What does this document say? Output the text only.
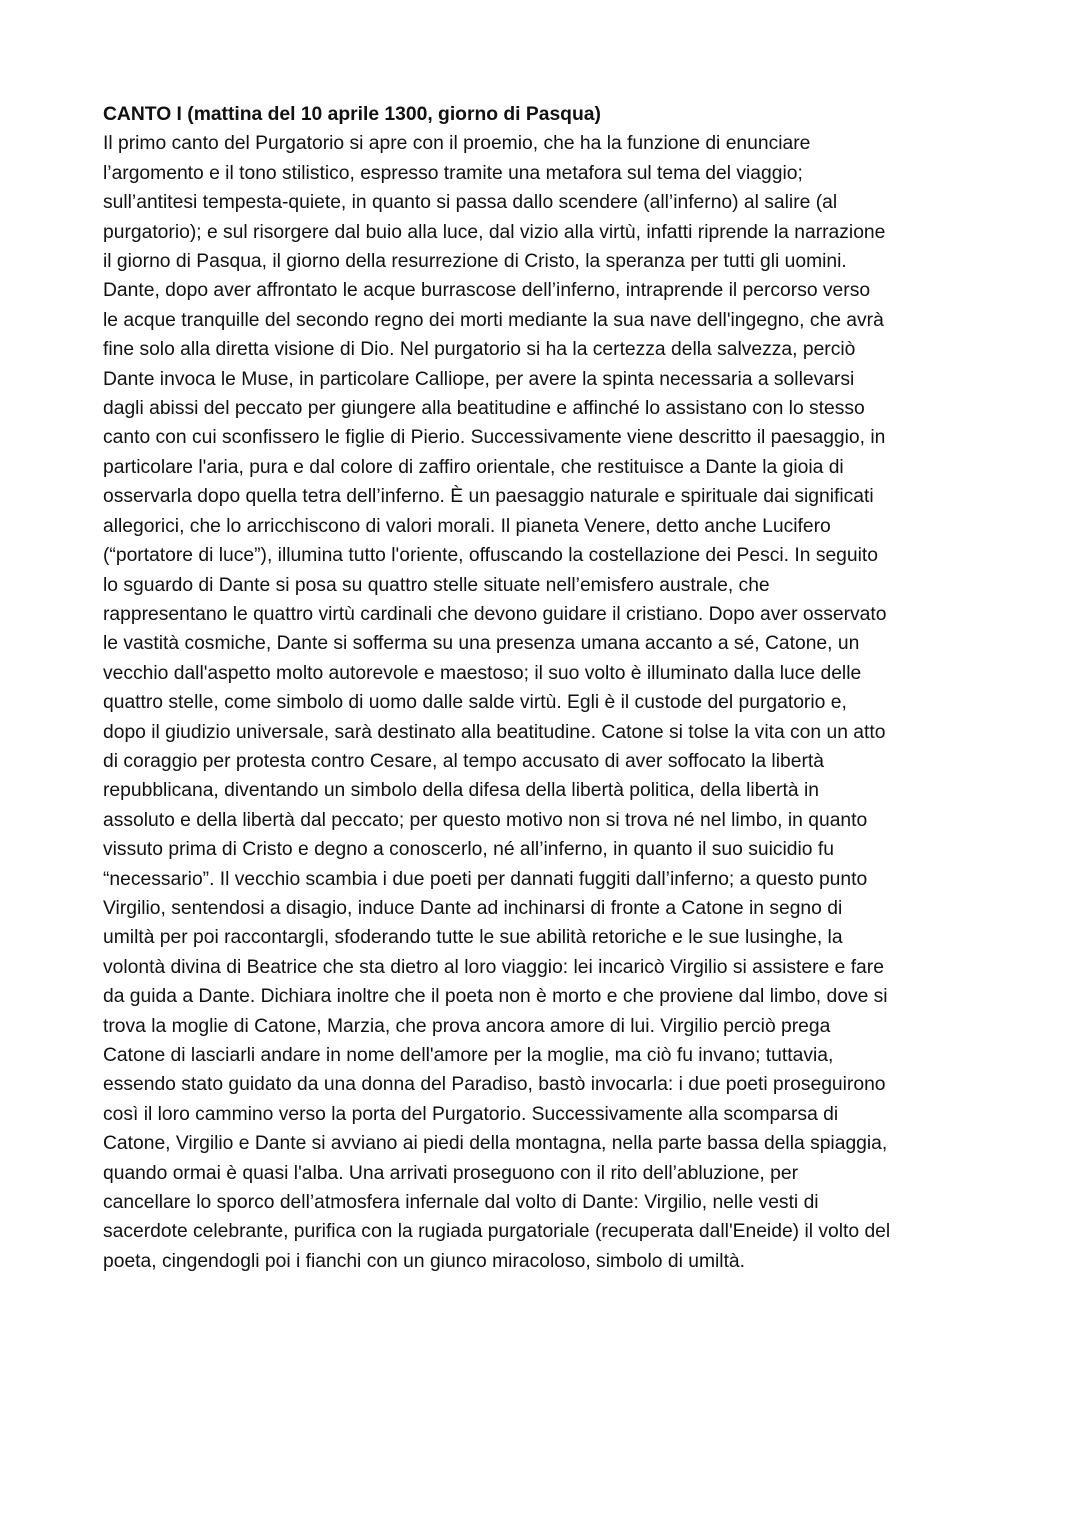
CANTO I (mattina del 10 aprile 1300, giorno di Pasqua)

Il primo canto del Purgatorio si apre con il proemio, che ha la funzione di enunciare
l’argomento e il tono stilistico, espresso tramite una metafora sul tema del viaggio;
sull’antitesi tempesta-quiete, in quanto si passa dallo scendere (all’inferno) al salire (al
purgatorio); e sul risorgere dal buio alla luce, dal vizio alla virtù, infatti riprende la narrazione
il giorno di Pasqua, il giorno della resurrezione di Cristo, la speranza per tutti gli uomini.
Dante, dopo aver affrontato le acque burrascose dell’inferno, intraprende il percorso verso
le acque tranquille del secondo regno dei morti mediante la sua nave dell'ingegno, che avrà
fine solo alla diretta visione di Dio. Nel purgatorio si ha la certezza della salvezza, perciò
Dante invoca le Muse, in particolare Calliope, per avere la spinta necessaria a sollevarsi
dagli abissi del peccato per giungere alla beatitudine e affinché lo assistano con lo stesso
canto con cui sconfissero le figlie di Pierio. Successivamente viene descritto il paesaggio, in
particolare l'aria, pura e dal colore di zaffiro orientale, che restituisce a Dante la gioia di
osservarla dopo quella tetra dell’inferno. È un paesaggio naturale e spirituale dai significati
allegorici, che lo arricchiscono di valori morali. Il pianeta Venere, detto anche Lucifero
(“portatore di luce”), illumina tutto l'oriente, offuscando la costellazione dei Pesci. In seguito
lo sguardo di Dante si posa su quattro stelle situate nell’emisfero australe, che
rappresentano le quattro virtù cardinali che devono guidare il cristiano. Dopo aver osservato
le vastità cosmiche, Dante si sofferma su una presenza umana accanto a sé, Catone, un
vecchio dall'aspetto molto autorevole e maestoso; il suo volto è illuminato dalla luce delle
quattro stelle, come simbolo di uomo dalle salde virtù. Egli è il custode del purgatorio e,
dopo il giudizio universale, sarà destinato alla beatitudine. Catone si tolse la vita con un atto
di coraggio per protesta contro Cesare, al tempo accusato di aver soffocato la libertà
repubblicana, diventando un simbolo della difesa della libertà politica, della libertà in
assoluto e della libertà dal peccato; per questo motivo non si trova né nel limbo, in quanto
vissuto prima di Cristo e degno a conoscerlo, né all’inferno, in quanto il suo suicidio fu
“necessario”. Il vecchio scambia i due poeti per dannati fuggiti dall’inferno; a questo punto
Virgilio, sentendosi a disagio, induce Dante ad inchinarsi di fronte a Catone in segno di
umiltà per poi raccontargli, sfoderando tutte le sue abilità retoriche e le sue lusinghe, la
volontà divina di Beatrice che sta dietro al loro viaggio: lei incaricò Virgilio si assistere e fare
da guida a Dante. Dichiara inoltre che il poeta non è morto e che proviene dal limbo, dove si
trova la moglie di Catone, Marzia, che prova ancora amore di lui. Virgilio perciò prega
Catone di lasciarli andare in nome dell'amore per la moglie, ma ciò fu invano; tuttavia,
essendo stato guidato da una donna del Paradiso, bastò invocarla: i due poeti proseguirono
così il loro cammino verso la porta del Purgatorio. Successivamente alla scomparsa di
Catone, Virgilio e Dante si avviano ai piedi della montagna, nella parte bassa della spiaggia,
quando ormai è quasi l'alba. Una arrivati proseguono con il rito dell’abluzione, per
cancellare lo sporco dell’atmosfera infernale dal volto di Dante: Virgilio, nelle vesti di
sacerdote celebrante, purifica con la rugiada purgatoriale (recuperata dall'Eneide) il volto del
poeta, cingendogli poi i fianchi con un giunco miracoloso, simbolo di umiltà.
